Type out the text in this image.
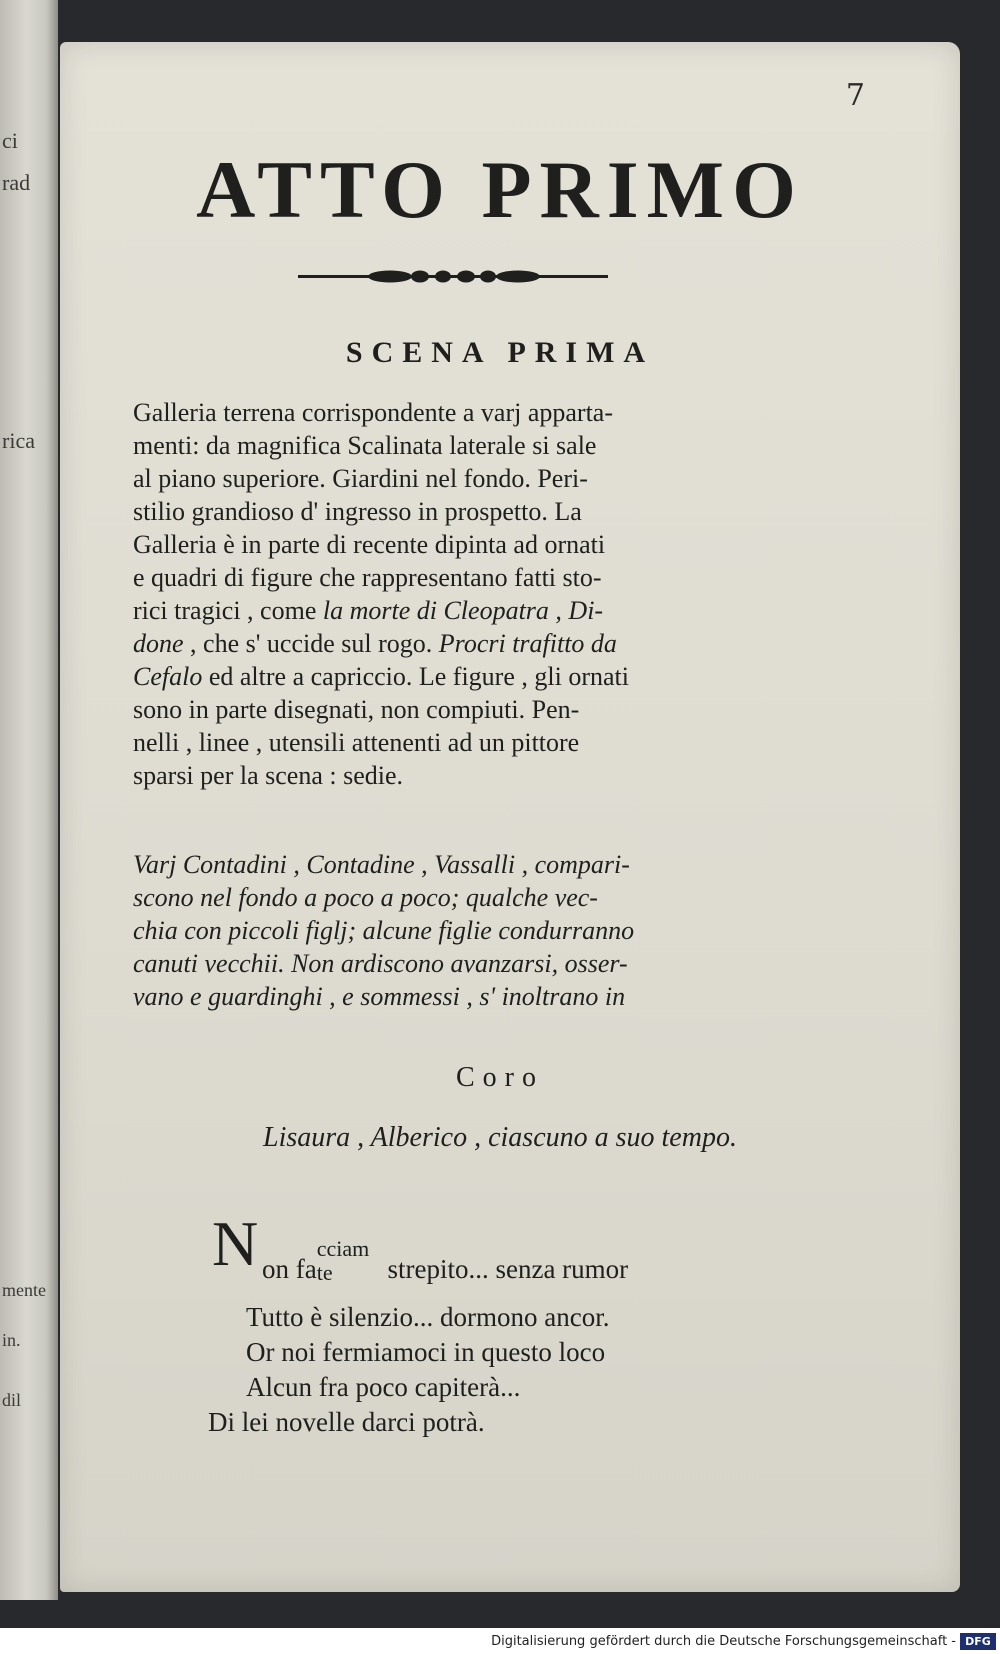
ci
rad
rica
mente
in.
dil
7
ATTO PRIMO
SCENA PRIMA
Galleria terrena corrispondente a varj apparta-
menti: da magnifica Scalinata laterale si sale
al piano superiore. Giardini nel fondo. Peri-
stilio grandioso d' ingresso in prospetto. La
Galleria è in parte di recente dipinta ad ornati
e quadri di figure che rappresentano fatti sto-
rici tragici , come la morte di Cleopatra , Di-
done , che s' uccide sul rogo. Procri trafitto da
Cefalo ed altre a capriccio. Le figure , gli ornati
sono in parte disegnati, non compiuti. Pen-
nelli , linee , utensili attenenti ad un pittore
sparsi per la scena : sedie.
Varj Contadini , Contadine , Vassalli , compari-
scono nel fondo a poco a poco; qualche vec-
chia con piccoli figlj; alcune figlie condurranno
canuti vecchii. Non ardiscono avanzarsi, osser-
vano e guardinghi , e sommessi , s' inoltrano in
Coro
Lisaura , Alberico , ciascuno a suo tempo.
N on fa
cciam
te strepito... senza rumor
Tutto è silenzio... dormono ancor.
Or noi fermiamoci in questo loco
Alcun fra poco capiterà...
Di lei novelle darci potrà.
Digitalisierung gefördert durch die Deutsche Forschungsgemeinschaft - DFG
